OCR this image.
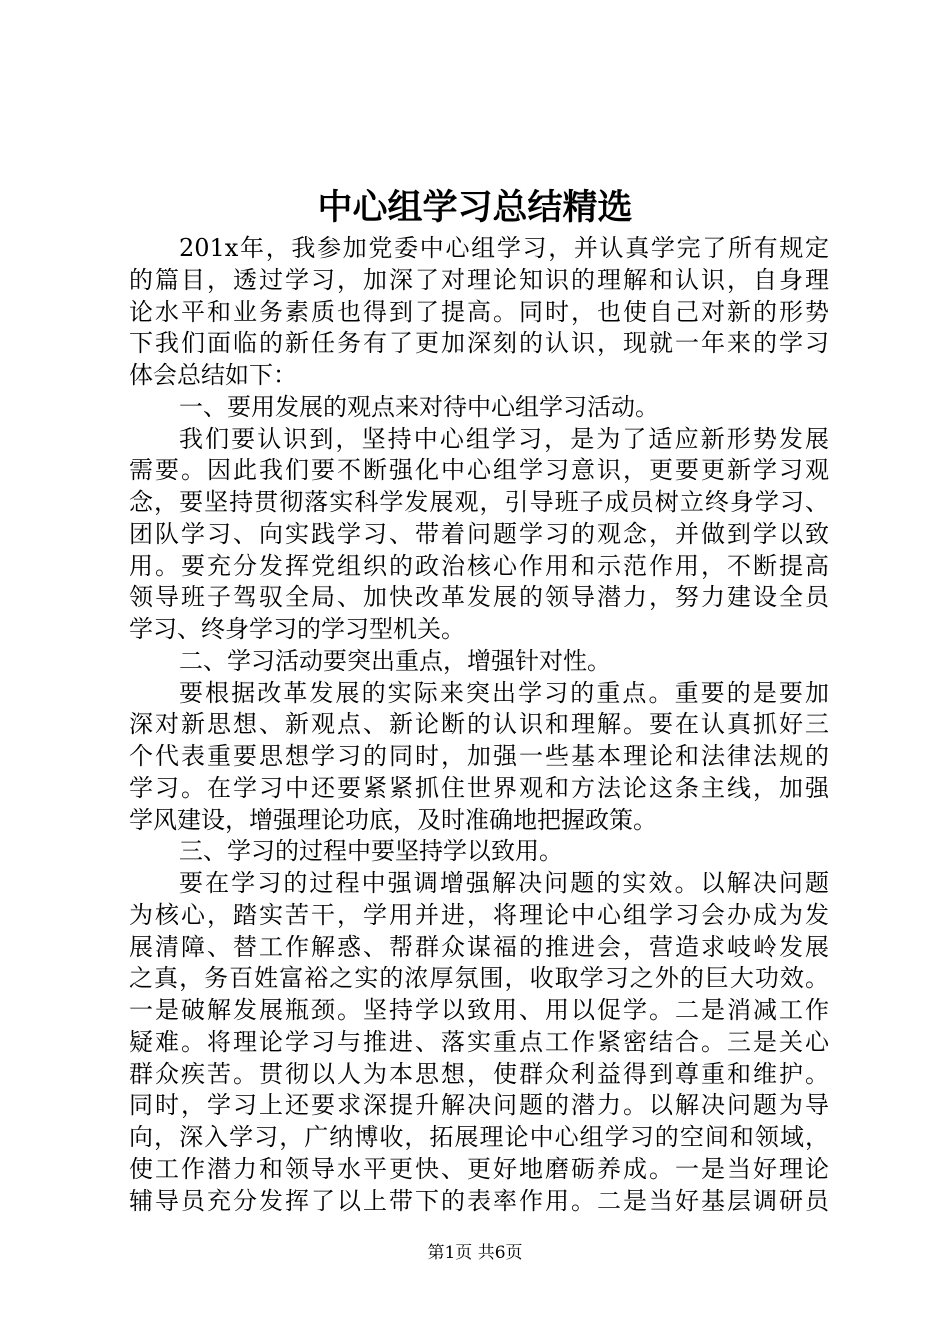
中心组学习总结精选
201x年，我参加党委中心组学习，并认真学完了所有规定
的篇目，透过学习，加深了对理论知识的理解和认识，自身理
论水平和业务素质也得到了提高。同时，也使自己对新的形势
下我们面临的新任务有了更加深刻的认识，现就一年来的学习
体会总结如下：
一、要用发展的观点来对待中心组学习活动。
我们要认识到，坚持中心组学习，是为了适应新形势发展
需要。因此我们要不断强化中心组学习意识，更要更新学习观
念，要坚持贯彻落实科学发展观，引导班子成员树立终身学习、
团队学习、向实践学习、带着问题学习的观念，并做到学以致
用。要充分发挥党组织的政治核心作用和示范作用，不断提高
领导班子驾驭全局、加快改革发展的领导潜力，努力建设全员
学习、终身学习的学习型机关。
二、学习活动要突出重点，增强针对性。
要根据改革发展的实际来突出学习的重点。重要的是要加
深对新思想、新观点、新论断的认识和理解。要在认真抓好三
个代表重要思想学习的同时，加强一些基本理论和法律法规的
学习。在学习中还要紧紧抓住世界观和方法论这条主线，加强
学风建设，增强理论功底，及时准确地把握政策。
三、学习的过程中要坚持学以致用。
要在学习的过程中强调增强解决问题的实效。以解决问题
为核心，踏实苦干，学用并进，将理论中心组学习会办成为发
展清障、替工作解惑、帮群众谋福的推进会，营造求岐岭发展
之真，务百姓富裕之实的浓厚氛围，收取学习之外的巨大功效。
一是破解发展瓶颈。坚持学以致用、用以促学。二是消减工作
疑难。将理论学习与推进、落实重点工作紧密结合。三是关心
群众疾苦。贯彻以人为本思想，使群众利益得到尊重和维护。
同时，学习上还要求深提升解决问题的潜力。以解决问题为导
向，深入学习，广纳博收，拓展理论中心组学习的空间和领域，
使工作潜力和领导水平更快、更好地磨砺养成。一是当好理论
辅导员充分发挥了以上带下的表率作用。二是当好基层调研员
第1页 共6页
